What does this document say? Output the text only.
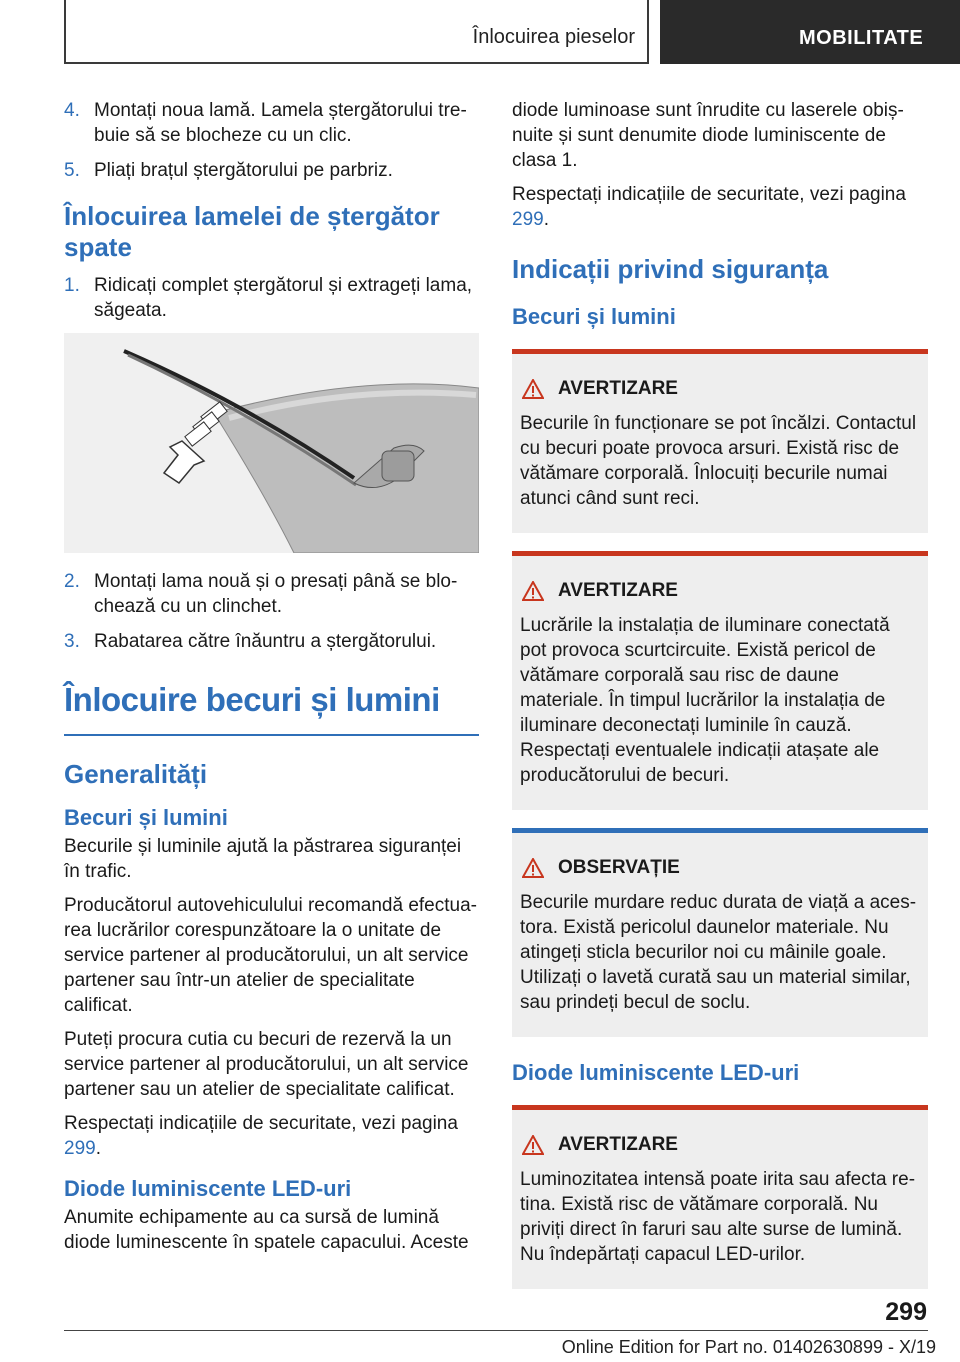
Înlocuirea pieselor	MOBILITATE
4. Montați noua lamă. Lamela ștergătorului trebuie să se blocheze cu un clic.
5. Pliați brațul ștergătorului pe parbriz.
Înlocuirea lamelei de ștergător spate
1. Ridicați complet ștergătorul și extrageți lama, săgeata.
2. Montați lama nouă și o presați până se blochează cu un clinchet.
3. Rabatarea către înăuntru a ștergătorului.
Înlocuire becuri și lumini
Generalități
Becuri și lumini

Becurile și luminile ajută la păstrarea siguranței în trafic.

Producătorul autovehiculului recomandă efectuarea lucrărilor corespunzătoare la o unitate de service partener al producătorului, un alt service partener sau într-un atelier de specialitate calificat.

Puteți procura cutia cu becuri de rezervă la un service partener al producătorului, un alt service partener sau un atelier de specialitate calificat.

Respectați indicațiile de securitate, vezi pagina 299.

Diode luminiscente LED-uri

Anumite echipamente au ca sursă de lumină diode luminescente în spatele capacului. Aceste

diode luminoase sunt înrudite cu laserele obișnuite și sunt denumite diode luminiscente de clasa 1.

Respectați indicațiile de securitate, vezi pagina 299.

Indicații privind siguranța
Becuri și lumini
AVERTIZARE
Becurile în funcționare se pot încălzi. Contactul cu becuri poate provoca arsuri. Există risc de vătămare corporală. Înlocuiți becurile numai atunci când sunt reci.
AVERTIZARE
Lucrările la instalația de iluminare conectată pot provoca scurtcircuite. Există pericol de vătămare corporală sau risc de daune materiale. În timpul lucrărilor la instalația de iluminare deconectați luminile în cauză. Respectați eventualele indicații atașate ale producătorului de becuri.
OBSERVAȚIE
Becurile murdare reduc durata de viață a acestora. Există pericolul daunelor materiale. Nu atingeți sticla becurilor noi cu mâinile goale. Utilizați o lavetă curată sau un material similar, sau prindeți becul de soclu.
Diode luminiscente LED-uri
AVERTIZARE
Luminozitatea intensă poate irita sau afecta retina. Există risc de vătămare corporală. Nu priviți direct în faruri sau alte surse de lumină. Nu îndepărtați capacul LED-urilor.
299
Online Edition for Part no. 01402630899 - X/19
